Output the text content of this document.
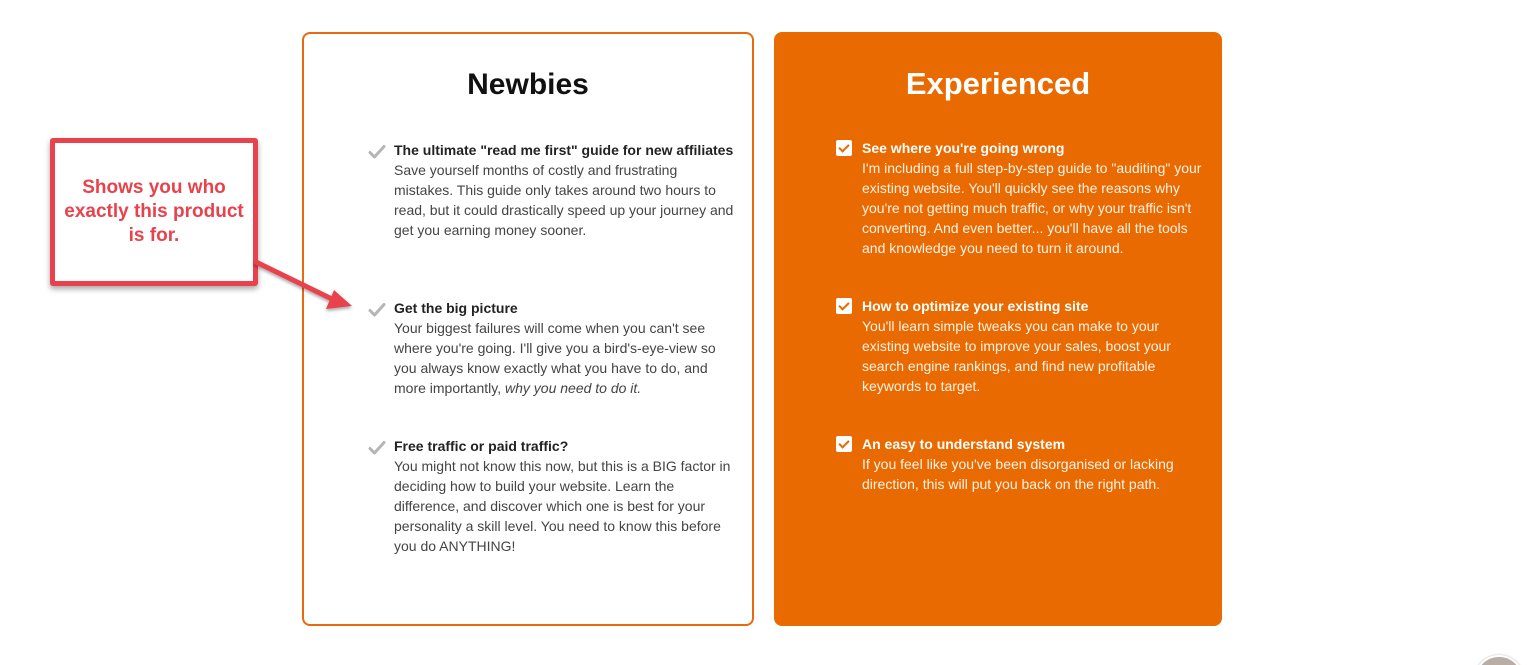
Newbies
The ultimate "read me first" guide for new affiliates
Save yourself months of costly and frustrating mistakes. This guide only takes around two hours to read, but it could drastically speed up your journey and get you earning money sooner.
Get the big picture
Your biggest failures will come when you can't see where you're going. I'll give you a bird's-eye-view so you always know exactly what you have to do, and more importantly, why you need to do it.
Free traffic or paid traffic?
You might not know this now, but this is a BIG factor in deciding how to build your website. Learn the difference, and discover which one is best for your personality a skill level. You need to know this before you do ANYTHING!
Experienced
See where you're going wrong
I'm including a full step-by-step guide to "auditing" your existing website. You'll quickly see the reasons why you're not getting much traffic, or why your traffic isn't converting. And even better... you'll have all the tools and knowledge you need to turn it around.
How to optimize your existing site
You'll learn simple tweaks you can make to your existing website to improve your sales, boost your search engine rankings, and find new profitable keywords to target.
An easy to understand system
If you feel like you've been disorganised or lacking direction, this will put you back on the right path.
Shows you who exactly this product is for.
